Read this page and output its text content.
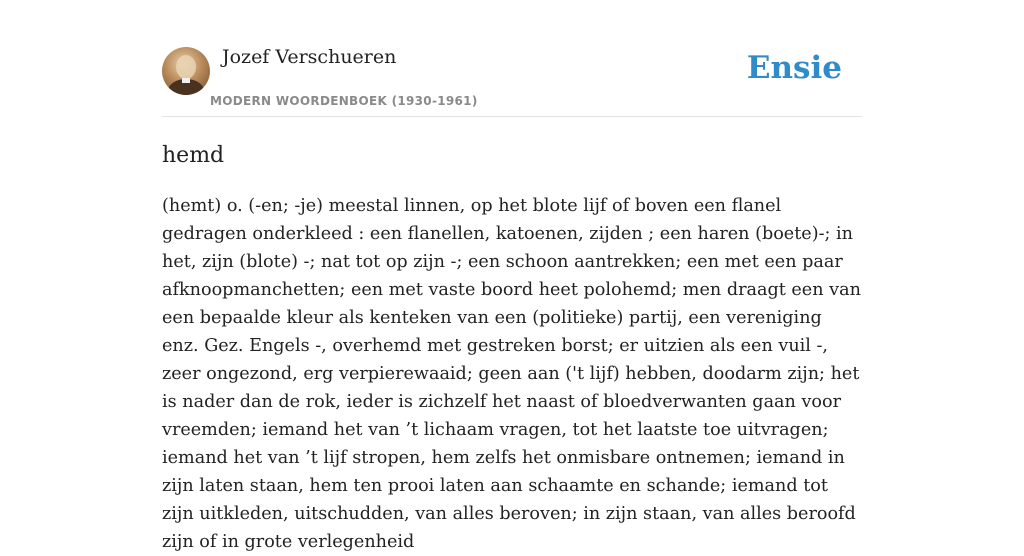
Jozef Verschueren
MODERN WOORDENBOEK (1930-1961)
Ensie
hemd
(hemt) o. (-en; -je) meestal linnen, op het blote lijf of boven een flanel gedragen onderkleed : een flanellen, katoenen, zijden ; een haren (boete)-; in het, zijn (blote) -; nat tot op zijn -; een schoon aantrekken; een met een paar afknoopmanchetten; een met vaste boord heet polohemd; men draagt een van een bepaalde kleur als kenteken van een (politieke) partij, een vereniging enz. Gez. Engels -, overhemd met gestreken borst; er uitzien als een vuil -, zeer ongezond, erg verpierewaaid; geen aan ('t lijf) hebben, doodarm zijn; het is nader dan de rok, ieder is zichzelf het naast of bloedverwanten gaan voor vreemden; iemand het van ’t lichaam vragen, tot het laatste toe uitvragen; iemand het van ’t lijf stropen, hem zelfs het onmisbare ontnemen; iemand in zijn laten staan, hem ten prooi laten aan schaamte en schande; iemand tot zijn uitkleden, uitschudden, van alles beroven; in zijn staan, van alles beroofd zijn of in grote verlegenheid
